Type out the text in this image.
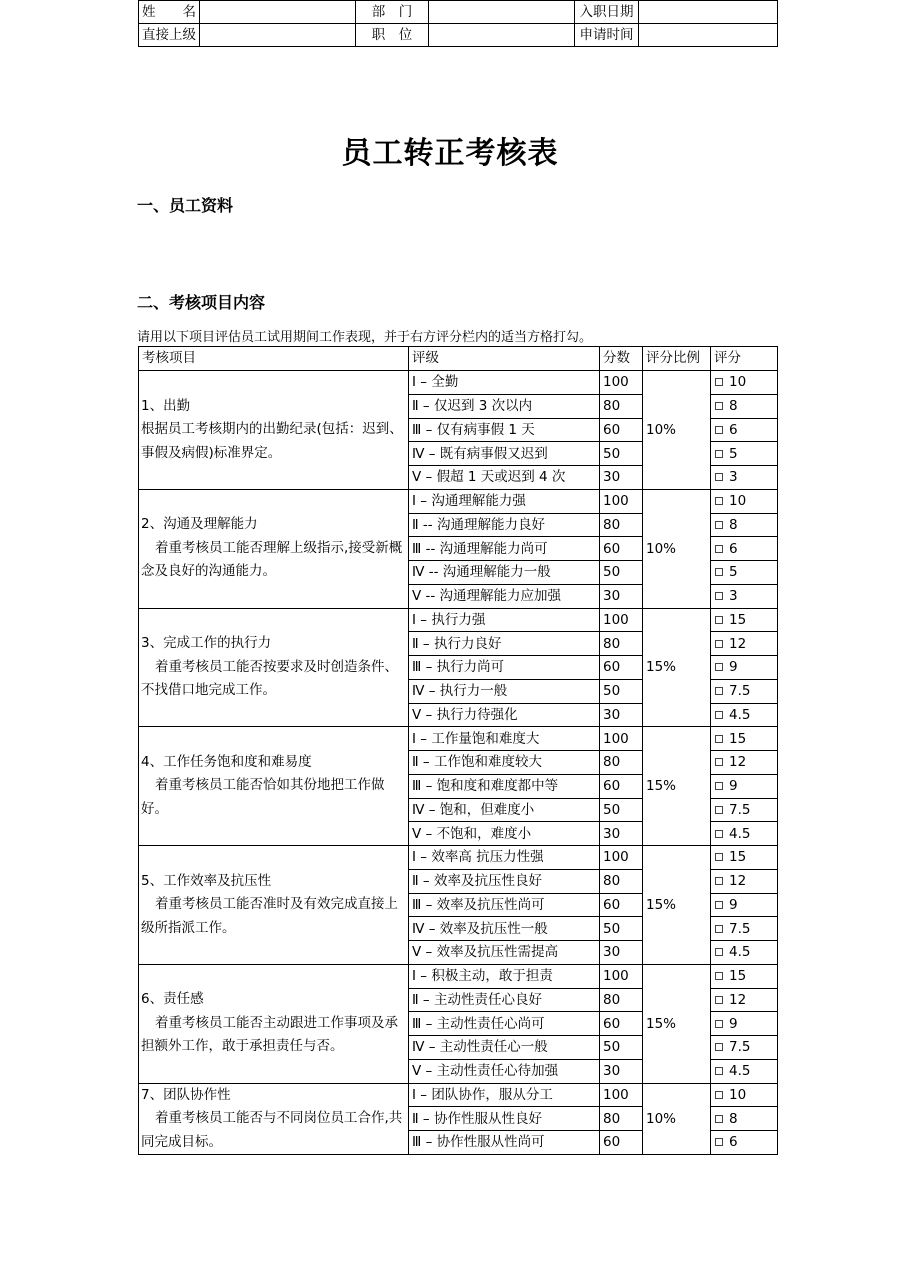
员工转正考核表
一、员工资料
姓　　名		部　门		入职日期	
直接上级		职　位		申请时间	
二、考核项目内容
请用以下项目评估员工试用期间工作表现，并于右方评分栏内的适当方格打勾。
考核项目	评级	分数	评分比例	评分

1、出勤
根据员工考核期内的出勤纪录(包括：迟到、事假及病假)标准界定。	Ⅰ – 全勤	100	10%	10
	Ⅱ – 仅迟到 3 次以内	80		8
	Ⅲ – 仅有病事假 1 天	60		6
	Ⅳ – 既有病事假又迟到	50		5
	Ⅴ – 假超 1 天或迟到 4 次	30		3

2、沟通及理解能力
着重考核员工能否理解上级指示,接受新概念及良好的沟通能力。	Ⅰ – 沟通理解能力强	100	10%	10
	Ⅱ -- 沟通理解能力良好	80		8
	Ⅲ -- 沟通理解能力尚可	60		6
	Ⅳ -- 沟通理解能力一般	50		5
	Ⅴ -- 沟通理解能力应加强	30		3

3、完成工作的执行力
着重考核员工能否按要求及时创造条件、不找借口地完成工作。	Ⅰ – 执行力强	100	15%	15
	Ⅱ – 执行力良好	80		12
	Ⅲ – 执行力尚可	60		9
	Ⅳ – 执行力一般	50		7.5
	Ⅴ – 执行力待强化	30		4.5

4、工作任务饱和度和难易度
着重考核员工能否恰如其份地把工作做好。	Ⅰ – 工作量饱和难度大	100	15%	15
	Ⅱ – 工作饱和难度较大	80		12
	Ⅲ – 饱和度和难度都中等	60		9
	Ⅳ – 饱和，但难度小	50		7.5
	Ⅴ – 不饱和，难度小	30		4.5

5、工作效率及抗压性
着重考核员工能否准时及有效完成直接上级所指派工作。	Ⅰ – 效率高 抗压力性强	100	15%	15
	Ⅱ – 效率及抗压性良好	80		12
	Ⅲ – 效率及抗压性尚可	60		9
	Ⅳ – 效率及抗压性一般	50		7.5
	Ⅴ – 效率及抗压性需提高	30		4.5

6、责任感
着重考核员工能否主动跟进工作事项及承担额外工作，敢于承担责任与否。	Ⅰ – 积极主动，敢于担责	100	15%	15
	Ⅱ – 主动性责任心良好	80		12
	Ⅲ – 主动性责任心尚可	60		9
	Ⅳ – 主动性责任心一般	50		7.5
	Ⅴ – 主动性责任心待加强	30		4.5

7、团队协作性
着重考核员工能否与不同岗位员工合作,共同完成目标。	Ⅰ – 团队协作，服从分工	100	10%	10
	Ⅱ – 协作性服从性良好	80		8
	Ⅲ – 协作性服从性尚可	60		6
